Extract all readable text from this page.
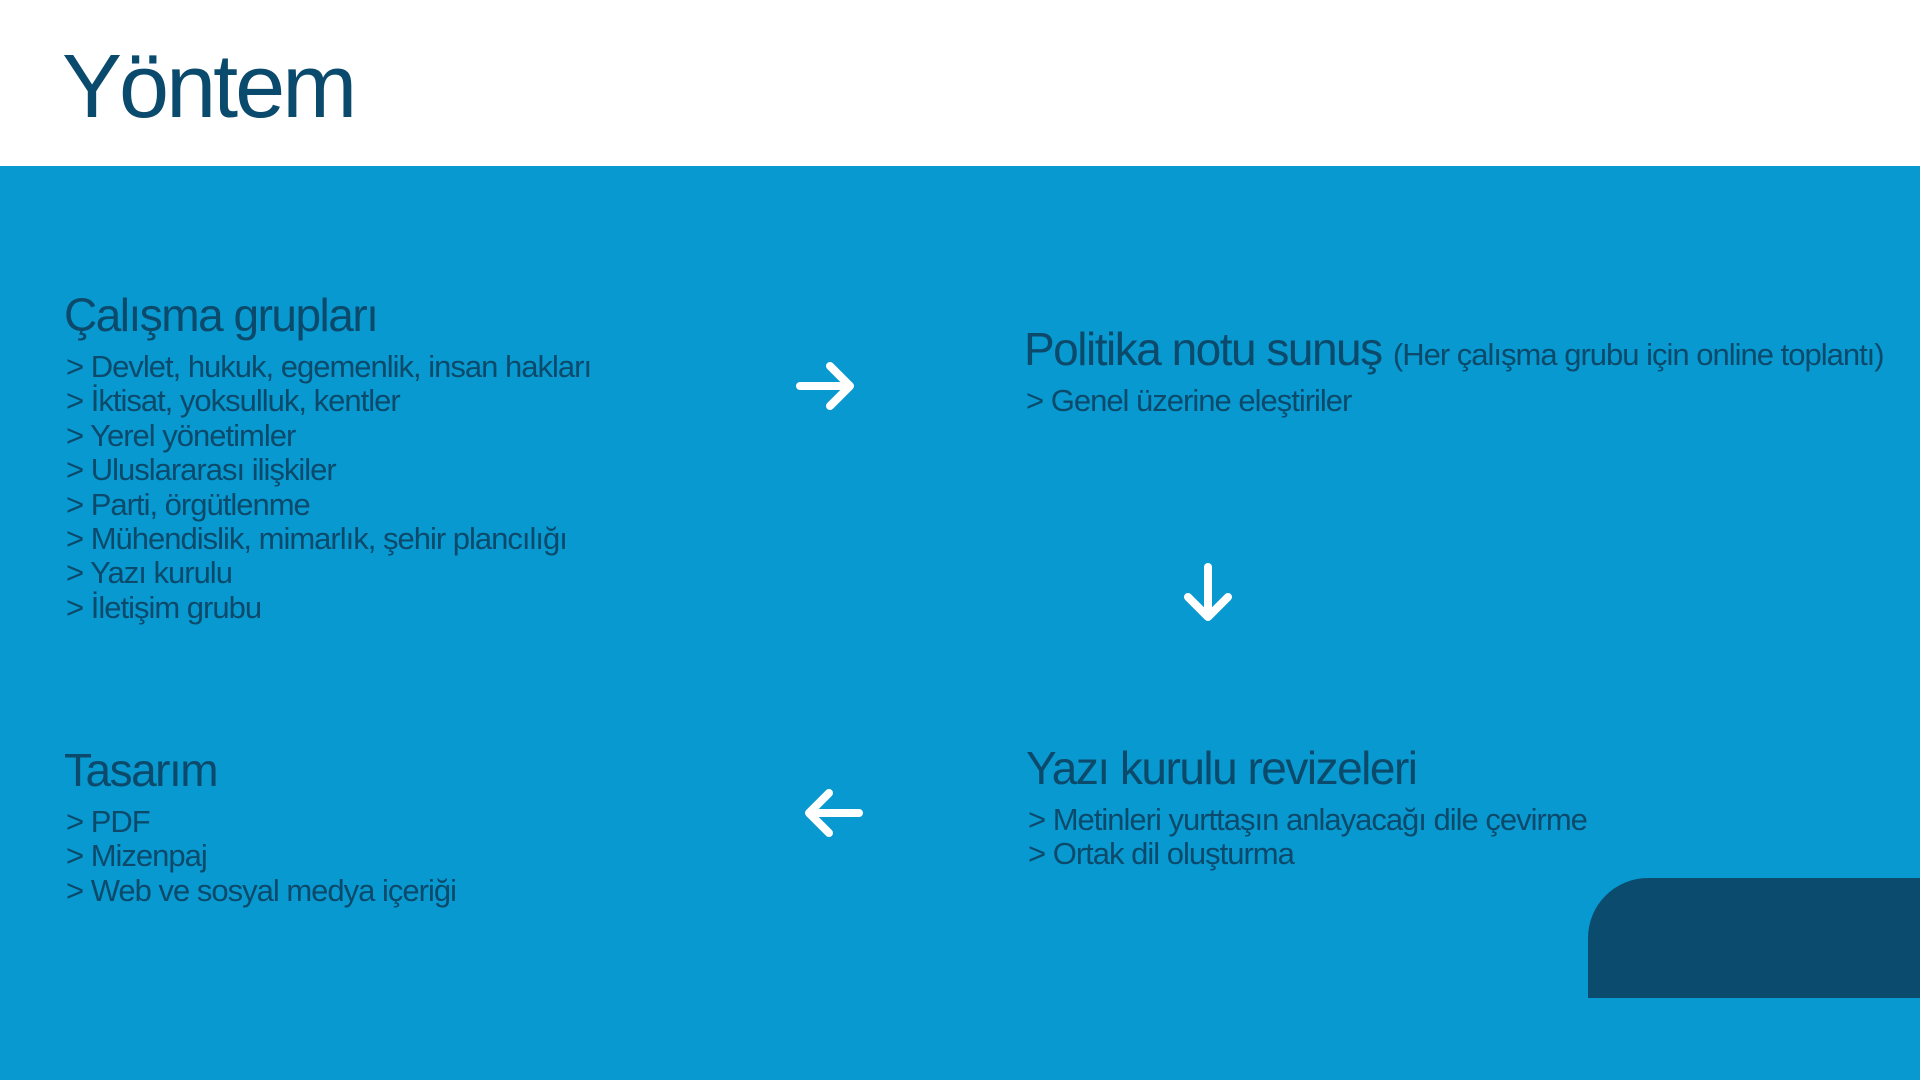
Yöntem
Çalışma grupları
> Devlet, hukuk, egemenlik, insan hakları
> İktisat, yoksulluk, kentler
> Yerel yönetimler
> Uluslararası ilişkiler
> Parti, örgütlenme
> Mühendislik, mimarlık, şehir plancılığı
> Yazı kurulu
> İletişim grubu
Politika notu sunuş (Her çalışma grubu için online toplantı)
> Genel üzerine eleştiriler
Yazı kurulu revizeleri
> Metinleri yurttaşın anlayacağı dile çevirme
> Ortak dil oluşturma
Tasarım
> PDF
> Mizenpaj
> Web ve sosyal medya içeriği
